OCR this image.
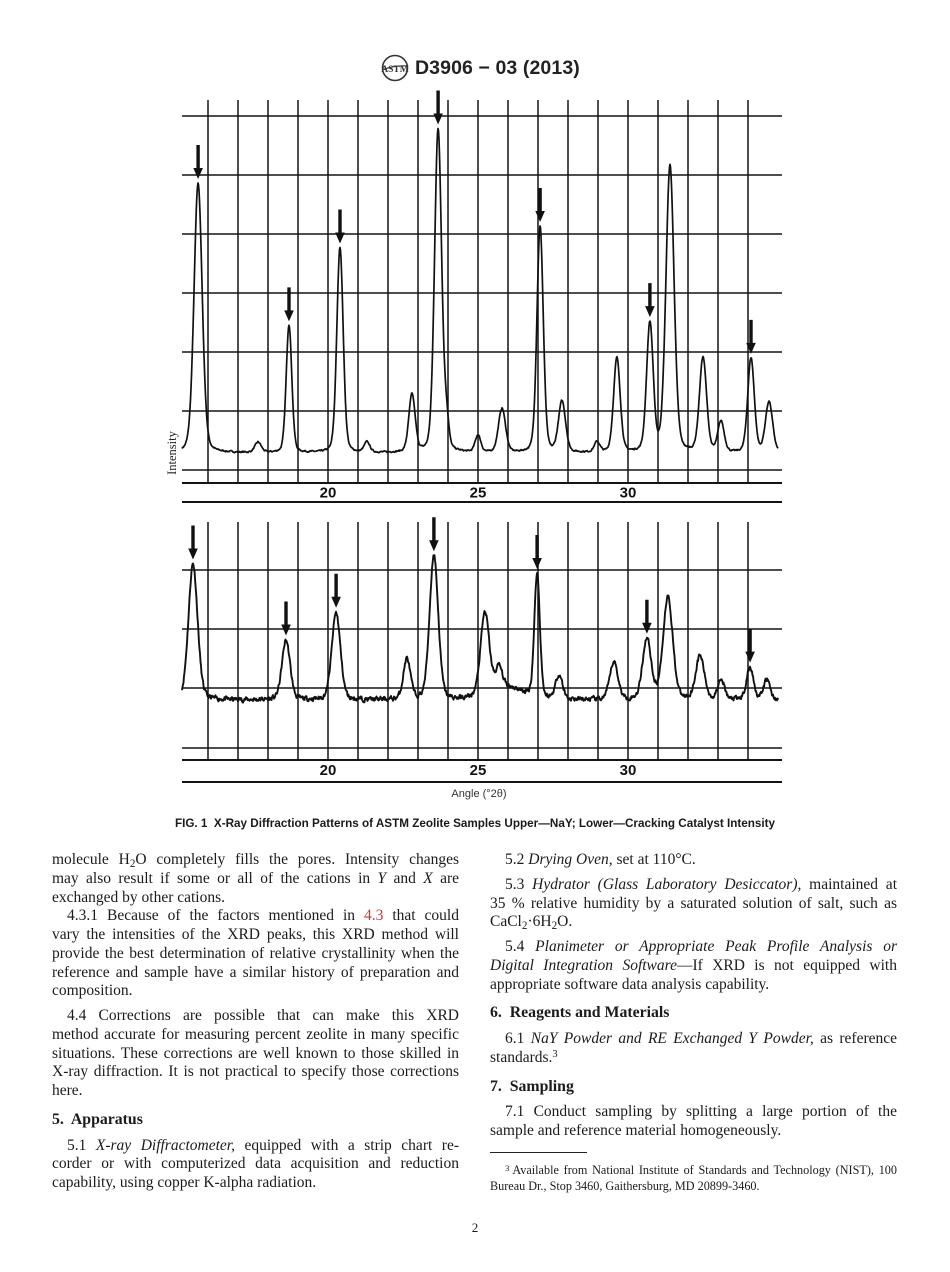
ASTM D3906 − 03 (2013)
Intensity
20	25	30
20	25	30
Angle (°2θ)
FIG. 1  X-Ray Diffraction Patterns of ASTM Zeolite Samples Upper—NaY; Lower—Cracking Catalyst Intensity
molecule $H_2O$ completely fills the pores. Intensity changes
may also result if some or all of the cations in Y and X are
exchanged by other cations.
4.3.1 Because of the factors mentioned in 4.3 that could
vary the intensities of the XRD peaks, this XRD method will
provide the best determination of relative crystallinity when the
reference and sample have a similar history of preparation and
composition.
4.4 Corrections are possible that can make this XRD
method accurate for measuring percent zeolite in many specific
situations. These corrections are well known to those skilled in
X-ray diffraction. It is not practical to specify those corrections
here.
5.  Apparatus
5.1 X-ray Diffractometer, equipped with a strip chart re-
corder or with computerized data acquisition and reduction
capability, using copper K-alpha radiation.
5.2 Drying Oven, set at 110°C.
5.3 Hydrator (Glass Laboratory Desiccator), maintained at
35 % relative humidity by a saturated solution of salt, such as
$CaCl_2\cdot 6H_2O$.
5.4 Planimeter or Appropriate Peak Profile Analysis or
Digital Integration Software—If XRD is not equipped with
appropriate software data analysis capability.
6.  Reagents and Materials
6.1 NaY Powder and RE Exchanged Y Powder, as reference
standards.$^3$
7.  Sampling
7.1 Conduct sampling by splitting a large portion of the
sample and reference material homogeneously.
$^3$ Available from National Institute of Standards and Technology (NIST), 100
Bureau Dr., Stop 3460, Gaithersburg, MD 20899-3460.
2
